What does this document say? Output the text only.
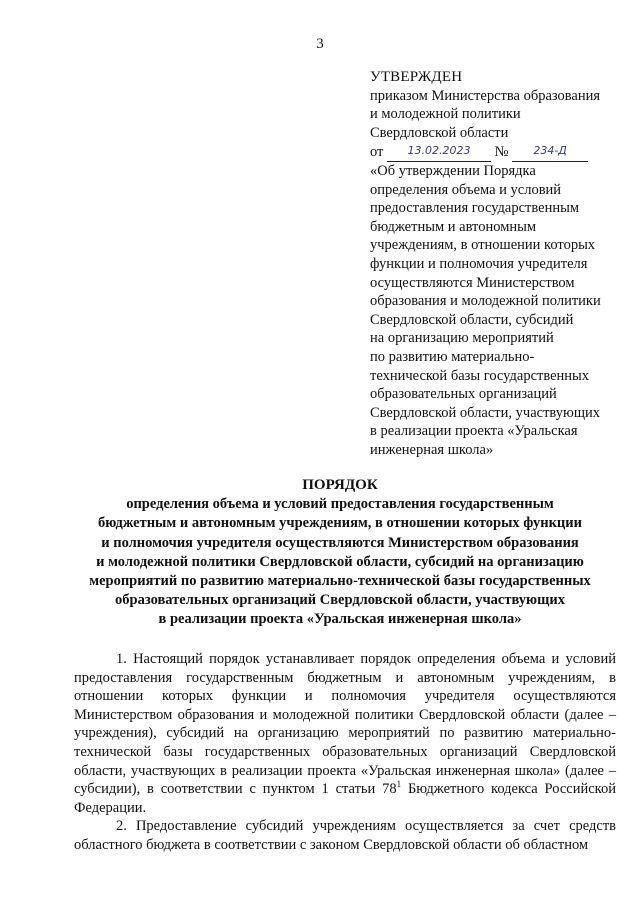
3
УТВЕРЖДЕН
приказом Министерства образования
и молодежной политики
Свердловской области
от
	13.02.2023
	№
	234-Д
«Об утверждении Порядка
определения объема и условий
предоставления государственным
бюджетным и автономным
учреждениям, в отношении которых
функции и полномочия учредителя
осуществляются Министерством
образования и молодежной политики
Свердловской области, субсидий
на организацию мероприятий
по развитию материально-
технической базы государственных
образовательных организаций
Свердловской области, участвующих
в реализации проекта «Уральская
инженерная школа»
ПОРЯДОК
определения объема и условий предоставления государственным
бюджетным и автономным учреждениям, в отношении которых функции
и полномочия учредителя осуществляются Министерством образования
и молодежной политики Свердловской области, субсидий на организацию
мероприятий по развитию материально-технической базы государственных
образовательных организаций Свердловской области, участвующих
в реализации проекта «Уральская инженерная школа»

1. Настоящий порядок устанавливает порядок определения объема и условий предоставления государственным бюджетным и автономным учреждениям, в отношении которых функции и полномочия учредителя осуществляются Министерством образования и молодежной политики Свердловской области (далее – учреждения), субсидий на организацию мероприятий по развитию материально-технической базы государственных образовательных организаций Свердловской области, участвующих в реализации проекта «Уральская инженерная школа» (далее – субсидии), в соответствии с пунктом 1 статьи $78^1$ Бюджетного кодекса Российской Федерации.

2. Предоставление субсидий учреждениям осуществляется за счет средств областного бюджета в соответствии с законом Свердловской области об областном
